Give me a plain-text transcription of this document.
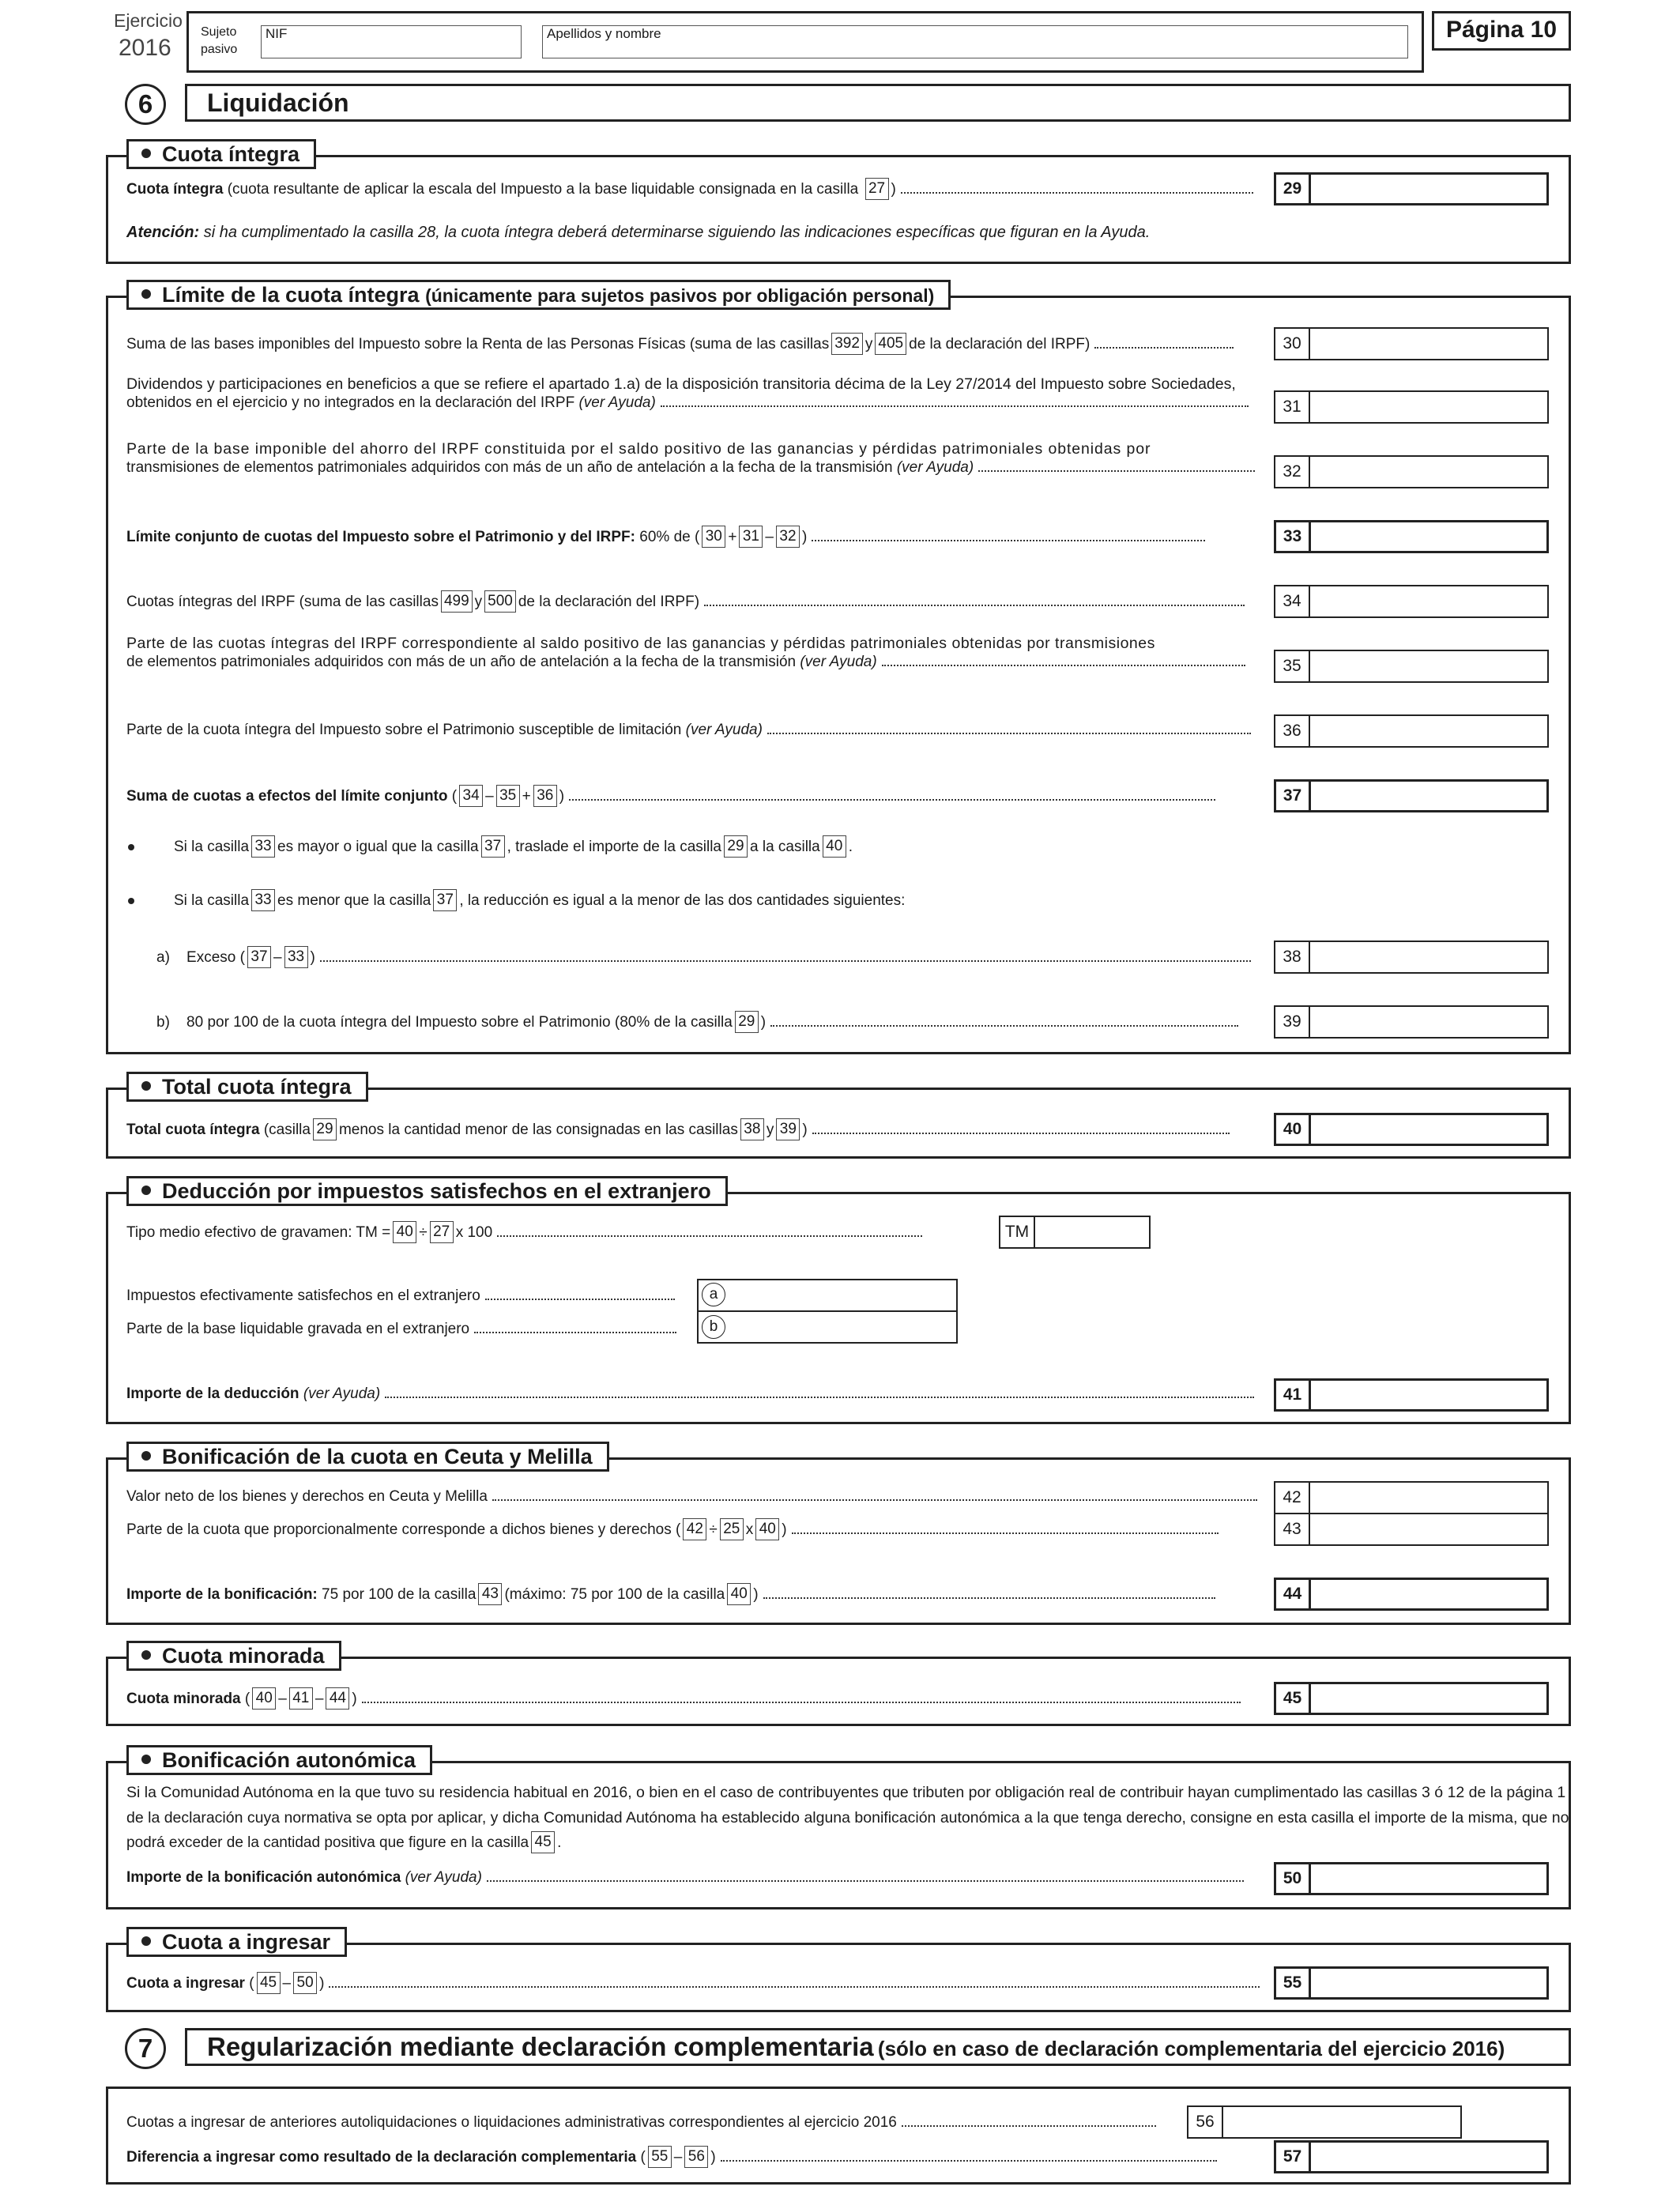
Ejercicio
2016
Sujeto
pasivo
NIF	Apellidos y nombre	Página 10
6	Liquidación
Cuota íntegra
Cuota íntegra (cuota resultante de aplicar la escala del Impuesto a la base liquidable consignada en la casilla 27 )	29
Atención: si ha cumplimentado la casilla 28, la cuota íntegra deberá determinarse siguiendo las indicaciones específicas que figuran en la Ayuda.
Límite de la cuota íntegra (únicamente para sujetos pasivos por obligación personal)
Suma de las bases imponibles del Impuesto sobre la Renta de las Personas Físicas (suma de las casillas 392 y 405 de la declaración del IRPF)	30
Dividendos y participaciones en beneficios a que se refiere el apartado 1.a) de la disposición transitoria décima de la Ley 27/2014 del Impuesto sobre Sociedades,
obtenidos en el ejercicio y no integrados en la declaración del IRPF (ver Ayuda)	31
Parte de la base imponible del ahorro del IRPF constituida por el saldo positivo de las ganancias y pérdidas patrimoniales obtenidas por
transmisiones de elementos patrimoniales adquiridos con más de un año de antelación a la fecha de la transmisión (ver Ayuda)	32
Límite conjunto de cuotas del Impuesto sobre el Patrimonio y del IRPF: 60% de ( 30 + 31 – 32 )	33
Cuotas íntegras del IRPF (suma de las casillas 499 y 500 de la declaración del IRPF)	34
Parte de las cuotas íntegras del IRPF correspondiente al saldo positivo de las ganancias y pérdidas patrimoniales obtenidas por transmisiones
de elementos patrimoniales adquiridos con más de un año de antelación a la fecha de la transmisión (ver Ayuda)	35
Parte de la cuota íntegra del Impuesto sobre el Patrimonio susceptible de limitación (ver Ayuda)	36
Suma de cuotas a efectos del límite conjunto ( 34 – 35 + 36 )	37
Si la casilla 33 es mayor o igual que la casilla 37 , traslade el importe de la casilla 29 a la casilla 40 .
Si la casilla 33 es menor que la casilla 37 , la reducción es igual a la menor de las dos cantidades siguientes:
a) Exceso ( 37 – 33 )	38
b) 80 por 100 de la cuota íntegra del Impuesto sobre el Patrimonio (80% de la casilla 29 )	39
Total cuota íntegra
Total cuota íntegra (casilla 29 menos la cantidad menor de las consignadas en las casillas 38 y 39 )	40
Deducción por impuestos satisfechos en el extranjero
Tipo medio efectivo de gravamen: TM = 40 ÷ 27 x 100	TM
Impuestos efectivamente satisfechos en el extranjero	a
Parte de la base liquidable gravada en el extranjero	b
Importe de la deducción (ver Ayuda)	41
Bonificación de la cuota en Ceuta y Melilla
Valor neto de los bienes y derechos en Ceuta y Melilla	42
Parte de la cuota que proporcionalmente corresponde a dichos bienes y derechos ( 42 ÷ 25 x 40 )	43
Importe de la bonificación: 75 por 100 de la casilla 43 (máximo: 75 por 100 de la casilla 40 )	44
Cuota minorada
Cuota minorada ( 40 – 41 – 44 )	45
Bonificación autonómica
Si la Comunidad Autónoma en la que tuvo su residencia habitual en 2016, o bien en el caso de contribuyentes que tributen por obligación real de contribuir hayan cumplimentado las casillas 3 ó 12 de la página 1
de la declaración cuya normativa se opta por aplicar, y dicha Comunidad Autónoma ha establecido alguna bonificación autonómica a la que tenga derecho, consigne en esta casilla el importe de la misma, que no
podrá exceder de la cantidad positiva que figure en la casilla 45 .
Importe de la bonificación autonómica (ver Ayuda)	50
Cuota a ingresar
Cuota a ingresar ( 45 – 50 )	55
7	Regularización mediante declaración complementaria (sólo en caso de declaración complementaria del ejercicio 2016)
Cuotas a ingresar de anteriores autoliquidaciones o liquidaciones administrativas correspondientes al ejercicio 2016	56
Diferencia a ingresar como resultado de la declaración complementaria ( 55 – 56 )	57
